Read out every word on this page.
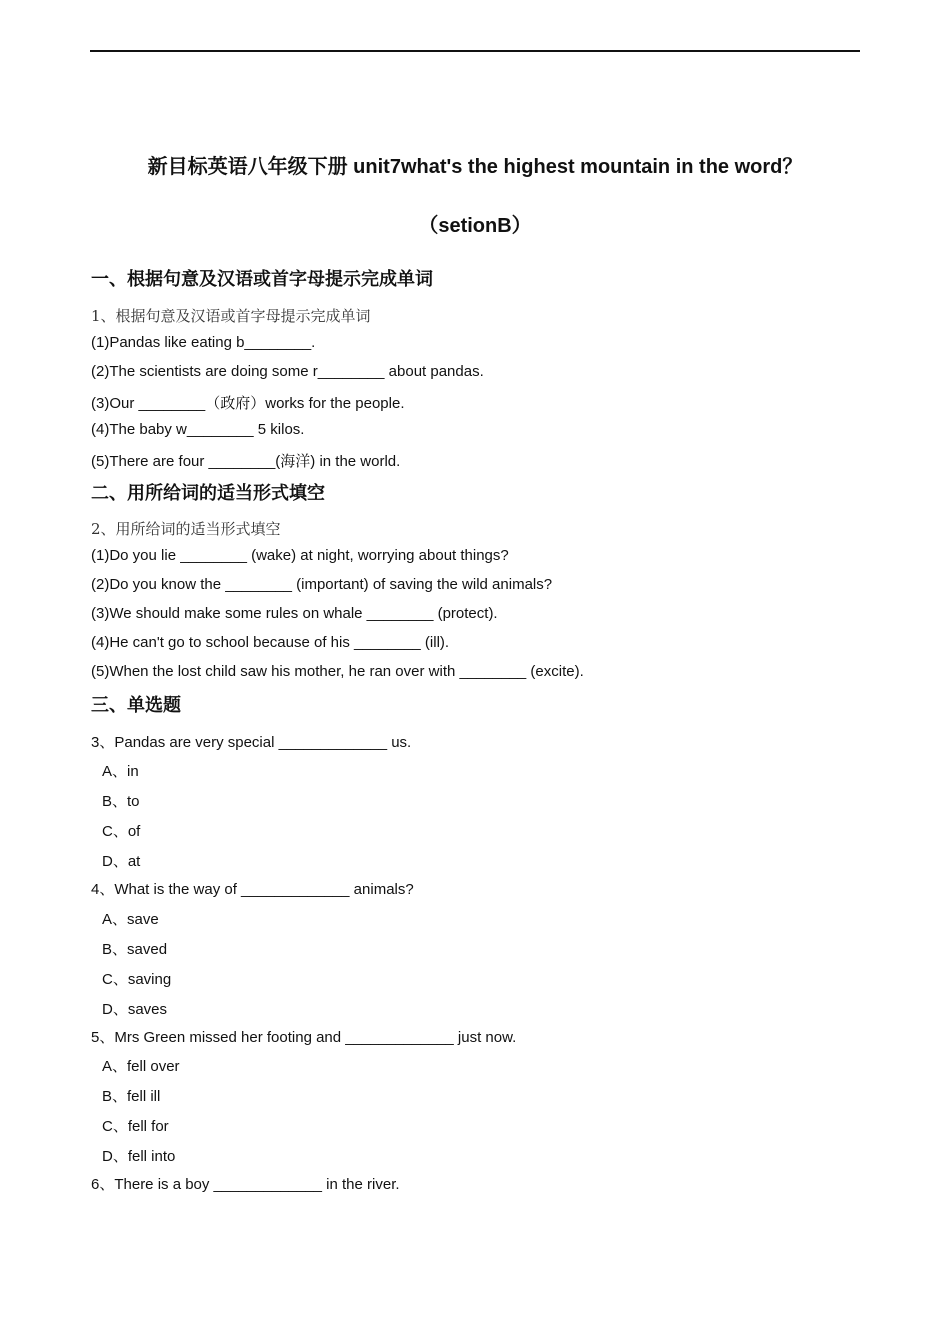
新目标英语八年级下册 unit7what's the highest mountain in the word？
（setionB）
一、根据句意及汉语或首字母提示完成单词
1、根据句意及汉语或首字母提示完成单词
(1)Pandas like eating b________.
(2)The scientists are doing some r________ about pandas.
(3)Our ________（政府）works for the people.
(4)The baby w________ 5 kilos.
(5)There are four ________(海洋) in the world.
二、用所给词的适当形式填空
2、用所给词的适当形式填空
(1)Do you lie ________ (wake) at night, worrying about things?
(2)Do you know the ________ (important) of saving the wild animals?
(3)We should make some rules on whale ________ (protect).
(4)He can't go to school because of his ________ (ill).
(5)When the lost child saw his mother, he ran over with ________ (excite).
三、单选题
3、Pandas are very special _____________ us.
A、in
B、to
C、of
D、at
4、What is the way of _____________ animals?
A、save
B、saved
C、saving
D、saves
5、Mrs Green missed her footing and _____________ just now.
A、fell over
B、fell ill
C、fell for
D、fell into
6、There is a boy _____________ in the river.
